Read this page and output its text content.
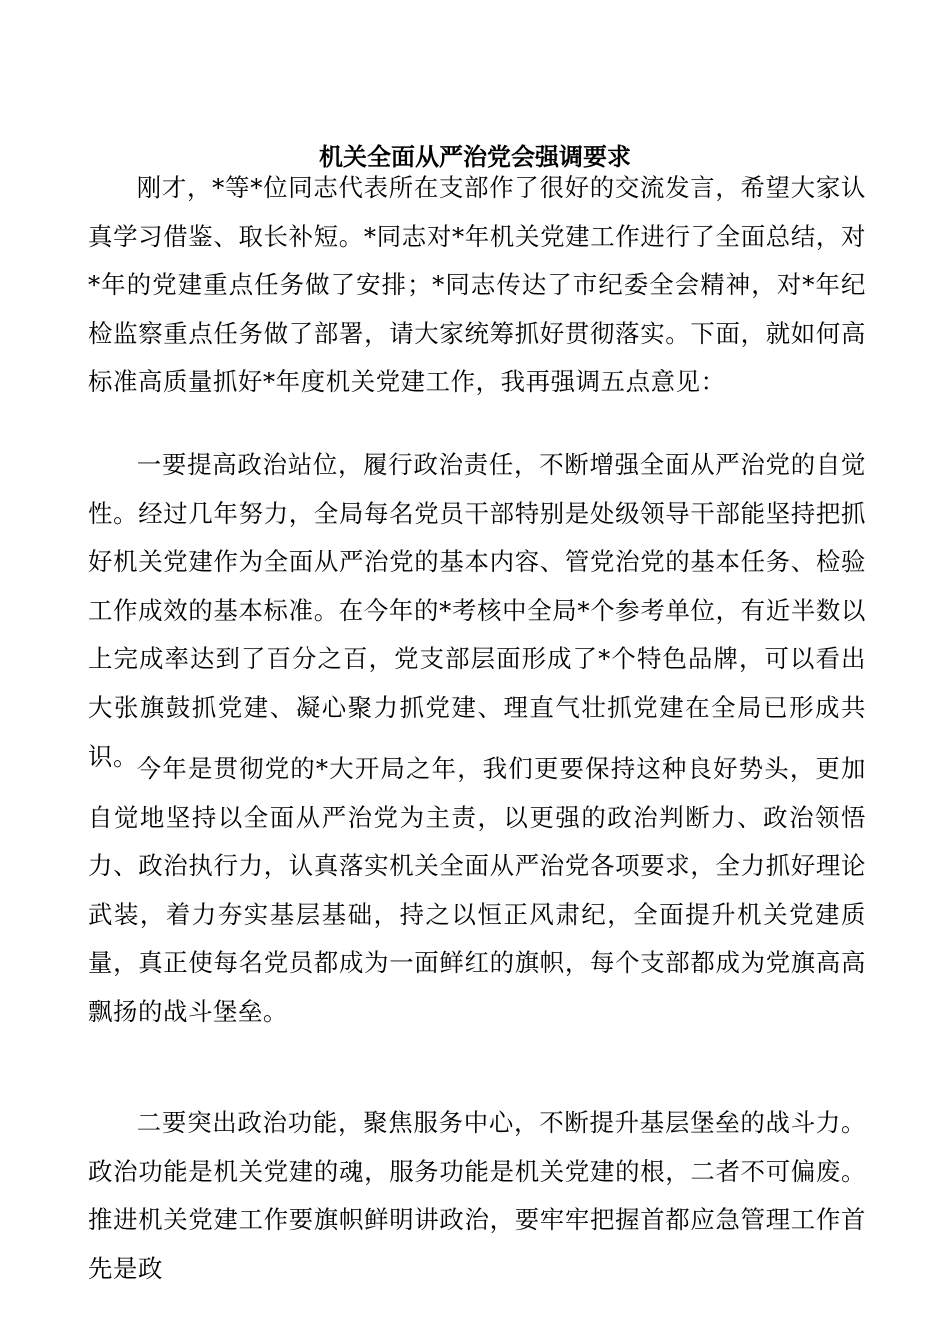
机关全面从严治党会强调要求

刚才，*等*位同志代表所在支部作了很好的交流发言，希望大家认真学习借鉴、取长补短。*同志对*年机关党建工作进行了全面总结，对*年的党建重点任务做了安排；*同志传达了市纪委全会精神，对*年纪检监察重点任务做了部署，请大家统筹抓好贯彻落实。下面，就如何高标准高质量抓好*年度机关党建工作，我再强调五点意见：

一要提高政治站位，履行政治责任，不断增强全面从严治党的自觉性。经过几年努力，全局每名党员干部特别是处级领导干部能坚持把抓好机关党建作为全面从严治党的基本内容、管党治党的基本任务、检验工作成效的基本标准。在今年的*考核中全局*个参考单位，有近半数以上完成率达到了百分之百，党支部层面形成了*个特色品牌，可以看出大张旗鼓抓党建、凝心聚力抓党建、理直气壮抓党建在全局已形成共识。

今年是贯彻党的*大开局之年，我们更要保持这种良好势头，更加自觉地坚持以全面从严治党为主责，以更强的政治判断力、政治领悟力、政治执行力，认真落实机关全面从严治党各项要求，全力抓好理论武装，着力夯实基层基础，持之以恒正风肃纪，全面提升机关党建质量，真正使每名党员都成为一面鲜红的旗帜，每个支部都成为党旗高高飘扬的战斗堡垒。

二要突出政治功能，聚焦服务中心，不断提升基层堡垒的战斗力。政治功能是机关党建的魂，服务功能是机关党建的根，二者不可偏废。推进机关党建工作要旗帜鲜明讲政治，要牢牢把握首都应急管理工作首先是政
